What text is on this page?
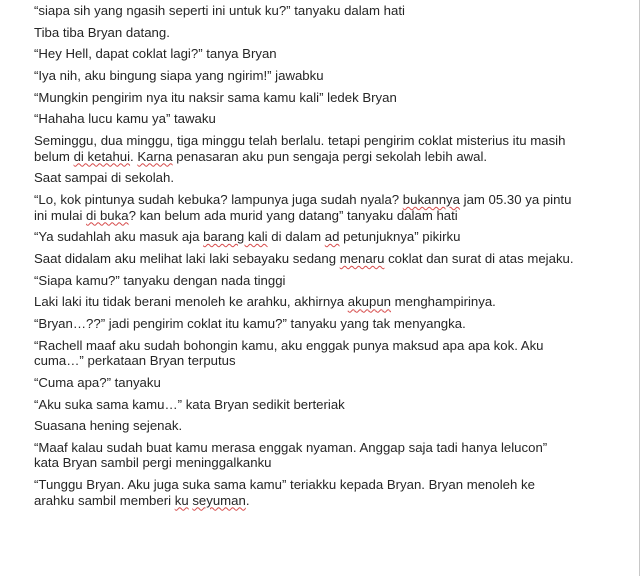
“siapa sih yang ngasih seperti ini untuk ku?” tanyaku dalam hati

Tiba tiba Bryan datang.

“Hey Hell, dapat coklat lagi?” tanya Bryan

“Iya nih, aku bingung siapa yang ngirim!” jawabku

“Mungkin pengirim nya itu naksir sama kamu kali” ledek Bryan

“Hahaha lucu kamu ya” tawaku

Seminggu, dua minggu, tiga minggu telah berlalu. tetapi pengirim coklat misterius itu masih
belum di ketahui. Karna penasaran aku pun sengaja pergi sekolah lebih awal.

Saat sampai di sekolah.

“Lo, kok pintunya sudah kebuka? lampunya juga sudah nyala? bukannya jam 05.30 ya pintu
ini mulai di buka? kan belum ada murid yang datang” tanyaku dalam hati

“Ya sudahlah aku masuk aja barang kali di dalam ad petunjuknya” pikirku

Saat didalam aku melihat laki laki sebayaku sedang menaru coklat dan surat di atas mejaku.

“Siapa kamu?” tanyaku dengan nada tinggi

Laki laki itu tidak berani menoleh ke arahku, akhirnya akupun menghampirinya.

“Bryan…??” jadi pengirim coklat itu kamu?” tanyaku yang tak menyangka.

“Rachell maaf aku sudah bohongin kamu, aku enggak punya maksud apa apa kok. Aku
cuma…” perkataan Bryan terputus

“Cuma apa?” tanyaku

“Aku suka sama kamu…” kata Bryan sedikit berteriak

Suasana hening sejenak.

“Maaf kalau sudah buat kamu merasa enggak nyaman. Anggap saja tadi hanya lelucon”
kata Bryan sambil pergi meninggalkanku

“Tunggu Bryan. Aku juga suka sama kamu” teriakku kepada Bryan. Bryan menoleh ke
arahku sambil memberi ku seyuman.
